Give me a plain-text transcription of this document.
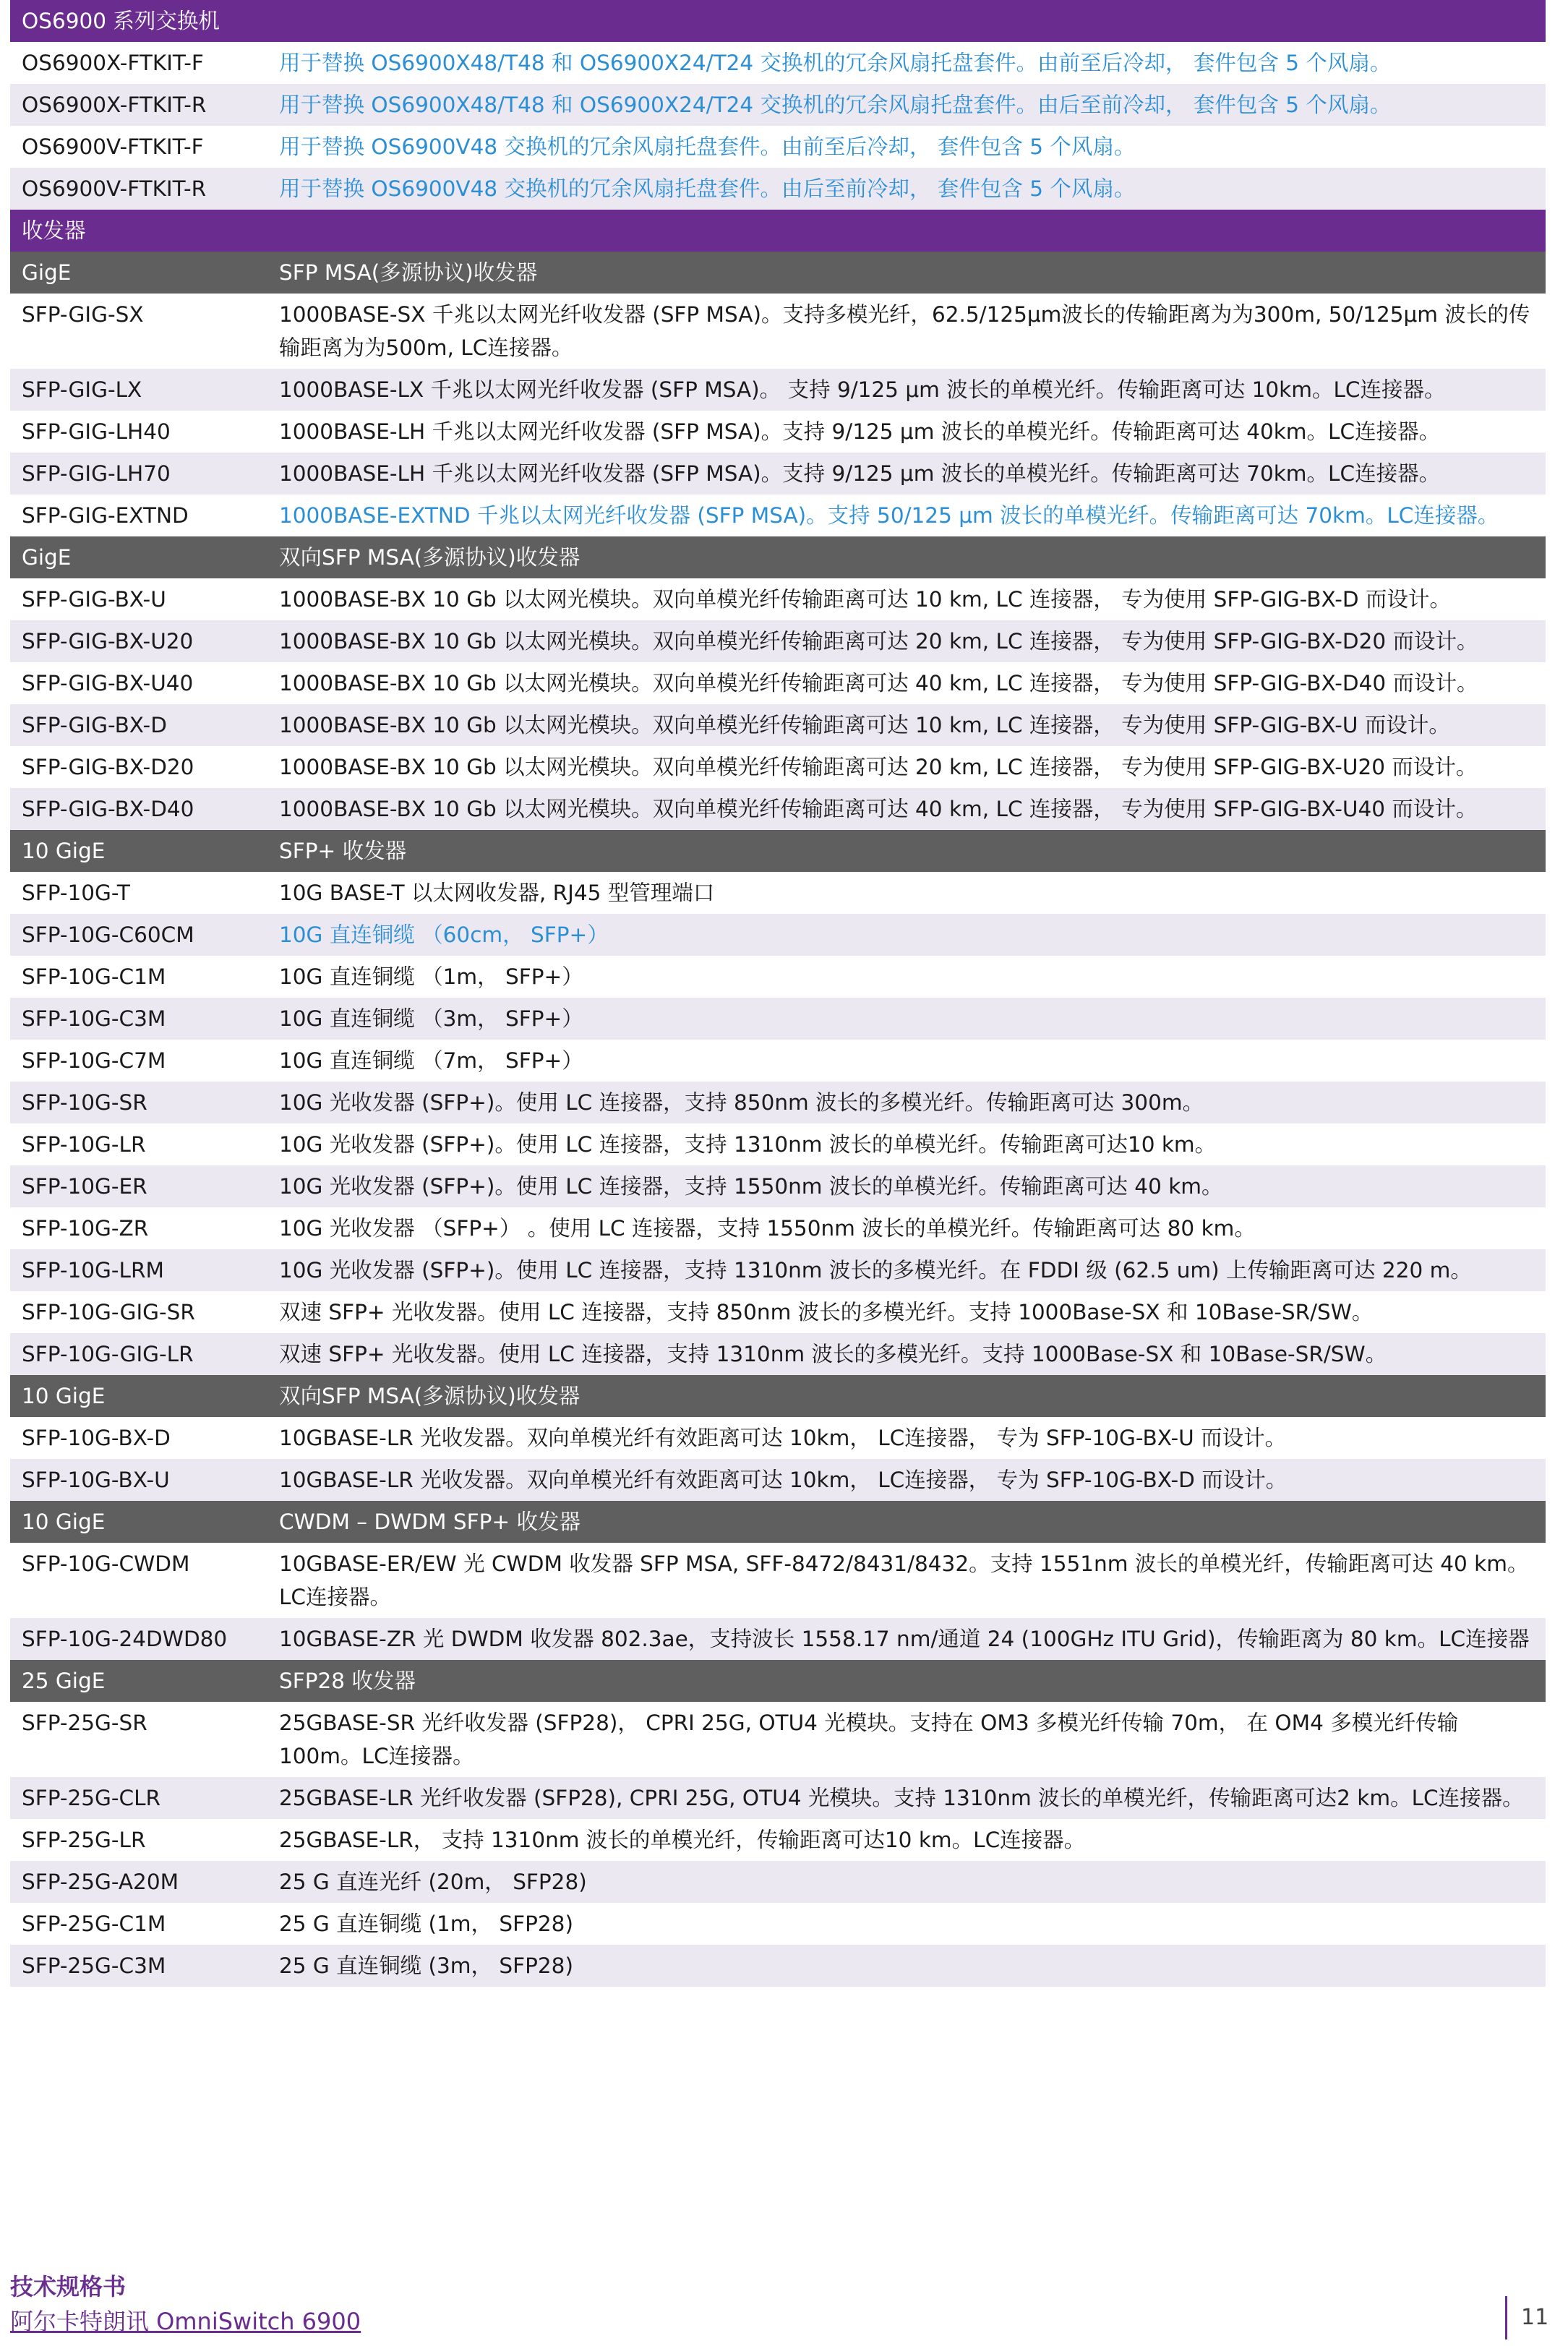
OS6900 系列交换机	
OS6900X-FTKIT-F	用于替换 OS6900X48/T48 和 OS6900X24/T24 交换机的冗余风扇托盘套件。由前至后冷却， 套件包含 5 个风扇。
OS6900X-FTKIT-R	用于替换 OS6900X48/T48 和 OS6900X24/T24 交换机的冗余风扇托盘套件。由后至前冷却， 套件包含 5 个风扇。
OS6900V-FTKIT-F	用于替换 OS6900V48 交换机的冗余风扇托盘套件。由前至后冷却， 套件包含 5 个风扇。
OS6900V-FTKIT-R	用于替换 OS6900V48 交换机的冗余风扇托盘套件。由后至前冷却， 套件包含 5 个风扇。
收发器	
GigE	SFP MSA(多源协议)收发器
SFP-GIG-SX	1000BASE-SX 千兆以太网光纤收发器 (SFP MSA)。支持多模光纤，62.5/125μm波长的传输距离为为300m, 50/125μm 波长的传输距离为为500m, LC连接器。
SFP-GIG-LX	1000BASE-LX 千兆以太网光纤收发器 (SFP MSA)。 支持 9/125 μm 波长的单模光纤。传输距离可达 10km。LC连接器。
SFP-GIG-LH40	1000BASE-LH 千兆以太网光纤收发器 (SFP MSA)。支持 9/125 μm 波长的单模光纤。传输距离可达 40km。LC连接器。
SFP-GIG-LH70	1000BASE-LH 千兆以太网光纤收发器 (SFP MSA)。支持 9/125 μm 波长的单模光纤。传输距离可达 70km。LC连接器。
SFP-GIG-EXTND	1000BASE-EXTND 千兆以太网光纤收发器 (SFP MSA)。支持 50/125 μm 波长的单模光纤。传输距离可达 70km。LC连接器。
GigE	双向SFP MSA(多源协议)收发器
SFP-GIG-BX-U	1000BASE-BX 10 Gb 以太网光模块。双向单模光纤传输距离可达 10 km, LC 连接器， 专为使用 SFP-GIG-BX-D 而设计。
SFP-GIG-BX-U20	1000BASE-BX 10 Gb 以太网光模块。双向单模光纤传输距离可达 20 km, LC 连接器， 专为使用 SFP-GIG-BX-D20 而设计。
SFP-GIG-BX-U40	1000BASE-BX 10 Gb 以太网光模块。双向单模光纤传输距离可达 40 km, LC 连接器， 专为使用 SFP-GIG-BX-D40 而设计。
SFP-GIG-BX-D	1000BASE-BX 10 Gb 以太网光模块。双向单模光纤传输距离可达 10 km, LC 连接器， 专为使用 SFP-GIG-BX-U 而设计。
SFP-GIG-BX-D20	1000BASE-BX 10 Gb 以太网光模块。双向单模光纤传输距离可达 20 km, LC 连接器， 专为使用 SFP-GIG-BX-U20 而设计。
SFP-GIG-BX-D40	1000BASE-BX 10 Gb 以太网光模块。双向单模光纤传输距离可达 40 km, LC 连接器， 专为使用 SFP-GIG-BX-U40 而设计。
10 GigE	SFP+ 收发器
SFP-10G-T	10G BASE-T 以太网收发器, RJ45 型管理端口
SFP-10G-C60CM	10G 直连铜缆 （60cm， SFP+）
SFP-10G-C1M	10G 直连铜缆 （1m， SFP+）
SFP-10G-C3M	10G 直连铜缆 （3m， SFP+）
SFP-10G-C7M	10G 直连铜缆 （7m， SFP+）
SFP-10G-SR	10G 光收发器 (SFP+)。使用 LC 连接器，支持 850nm 波长的多模光纤。传输距离可达 300m。
SFP-10G-LR	10G 光收发器 (SFP+)。使用 LC 连接器，支持 1310nm 波长的单模光纤。传输距离可达10 km。
SFP-10G-ER	10G 光收发器 (SFP+)。使用 LC 连接器，支持 1550nm 波长的单模光纤。传输距离可达 40 km。
SFP-10G-ZR	10G 光收发器 （SFP+） 。使用 LC 连接器，支持 1550nm 波长的单模光纤。传输距离可达 80 km。
SFP-10G-LRM	10G 光收发器 (SFP+)。使用 LC 连接器，支持 1310nm 波长的多模光纤。在 FDDI 级 (62.5 um) 上传输距离可达 220 m。
SFP-10G-GIG-SR	双速 SFP+ 光收发器。使用 LC 连接器，支持 850nm 波长的多模光纤。支持 1000Base-SX 和 10Base-SR/SW。
SFP-10G-GIG-LR	双速 SFP+ 光收发器。使用 LC 连接器，支持 1310nm 波长的多模光纤。支持 1000Base-SX 和 10Base-SR/SW。
10 GigE	双向SFP MSA(多源协议)收发器
SFP-10G-BX-D	10GBASE-LR 光收发器。双向单模光纤有效距离可达 10km， LC连接器， 专为 SFP-10G-BX-U 而设计。
SFP-10G-BX-U	10GBASE-LR 光收发器。双向单模光纤有效距离可达 10km， LC连接器， 专为 SFP-10G-BX-D 而设计。
10 GigE	CWDM – DWDM SFP+ 收发器
SFP-10G-CWDM	10GBASE-ER/EW 光 CWDM 收发器 SFP MSA, SFF-8472/8431/8432。支持 1551nm 波长的单模光纤，传输距离可达 40 km。LC连接器。
SFP-10G-24DWD80	10GBASE-ZR 光 DWDM 收发器 802.3ae，支持波长 1558.17 nm/通道 24 (100GHz ITU Grid)，传输距离为 80 km。LC连接器
25 GigE	SFP28 收发器
SFP-25G-SR	25GBASE-SR 光纤收发器 (SFP28)， CPRI 25G, OTU4 光模块。支持在 OM3 多模光纤传输 70m， 在 OM4 多模光纤传输 100m。LC连接器。
SFP-25G-CLR	25GBASE-LR 光纤收发器 (SFP28), CPRI 25G, OTU4 光模块。支持 1310nm 波长的单模光纤，传输距离可达2 km。LC连接器。
SFP-25G-LR	25GBASE-LR， 支持 1310nm 波长的单模光纤，传输距离可达10 km。LC连接器。
SFP-25G-A20M	25 G 直连光纤 (20m， SFP28)
SFP-25G-C1M	25 G 直连铜缆 (1m， SFP28)
SFP-25G-C3M	25 G 直连铜缆 (3m， SFP28)
技术规格书
阿尔卡特朗讯 OmniSwitch 6900	11
